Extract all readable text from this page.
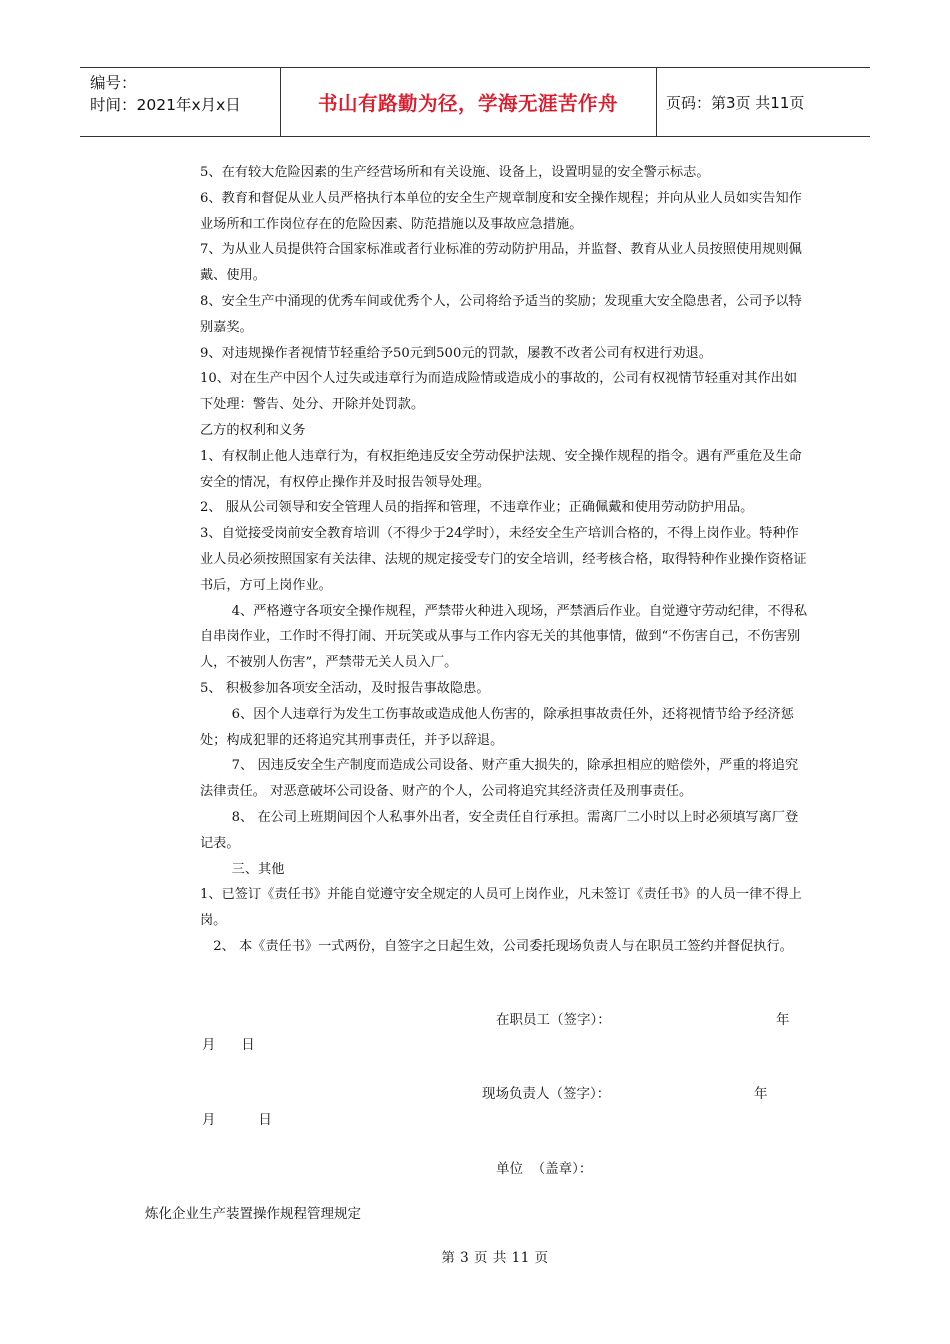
编号：
时间：2021年x月x日	书山有路勤为径，学海无涯苦作舟	页码：第3页 共11页

5、在有较大危险因素的生产经营场所和有关设施、设备上，设置明显的安全警示标志。

6、教育和督促从业人员严格执行本单位的安全生产规章制度和安全操作规程；并向从业人员如实告知作业场所和工作岗位存在的危险因素、防范措施以及事故应急措施。

7、为从业人员提供符合国家标准或者行业标准的劳动防护用品，并监督、教育从业人员按照使用规则佩戴、使用。

8、安全生产中涌现的优秀车间或优秀个人，公司将给予适当的奖励；发现重大安全隐患者，公司予以特别嘉奖。

9、对违规操作者视情节轻重给予50元到500元的罚款，屡教不改者公司有权进行劝退。

10、对在生产中因个人过失或违章行为而造成险情或造成小的事故的，公司有权视情节轻重对其作出如下处理：警告、处分、开除并处罚款。

乙方的权利和义务

1、有权制止他人违章行为，有权拒绝违反安全劳动保护法规、安全操作规程的指令。遇有严重危及生命安全的情况，有权停止操作并及时报告领导处理。

2、 服从公司领导和安全管理人员的指挥和管理，不违章作业；正确佩戴和使用劳动防护用品。

3、自觉接受岗前安全教育培训（不得少于24学时），未经安全生产培训合格的，不得上岗作业。特种作业人员必须按照国家有关法律、法规的规定接受专门的安全培训，经考核合格，取得特种作业操作资格证书后，方可上岗作业。

4、严格遵守各项安全操作规程，严禁带火种进入现场，严禁酒后作业。自觉遵守劳动纪律，不得私自串岗作业，工作时不得打闹、开玩笑或从事与工作内容无关的其他事情，做到“不伤害自己，不伤害别人，不被别人伤害”，严禁带无关人员入厂。

5、 积极参加各项安全活动，及时报告事故隐患。

6、因个人违章行为发生工伤事故或造成他人伤害的，除承担事故责任外，还将视情节给予经济惩处；构成犯罪的还将追究其刑事责任，并予以辞退。

7、 因违反安全生产制度而造成公司设备、财产重大损失的，除承担相应的赔偿外，严重的将追究法律责任。 对恶意破坏公司设备、财产的个人，公司将追究其经济责任及刑事责任。

8、 在公司上班期间因个人私事外出者，安全责任自行承担。需离厂二小时以上时必须填写离厂登记表。

三、其他

1、已签订《责任书》并能自觉遵守安全规定的人员可上岗作业，凡未签订《责任书》的人员一律不得上岗。

2、 本《责任书》一式两份，自签字之日起生效，公司委托现场负责人与在职员工签约并督促执行。

在职员工（签字）：	年
月      日
现场负责人（签字）：	年
月          日
单位  （盖章）：
炼化企业生产装置操作规程管理规定
第 3 页 共 11 页
